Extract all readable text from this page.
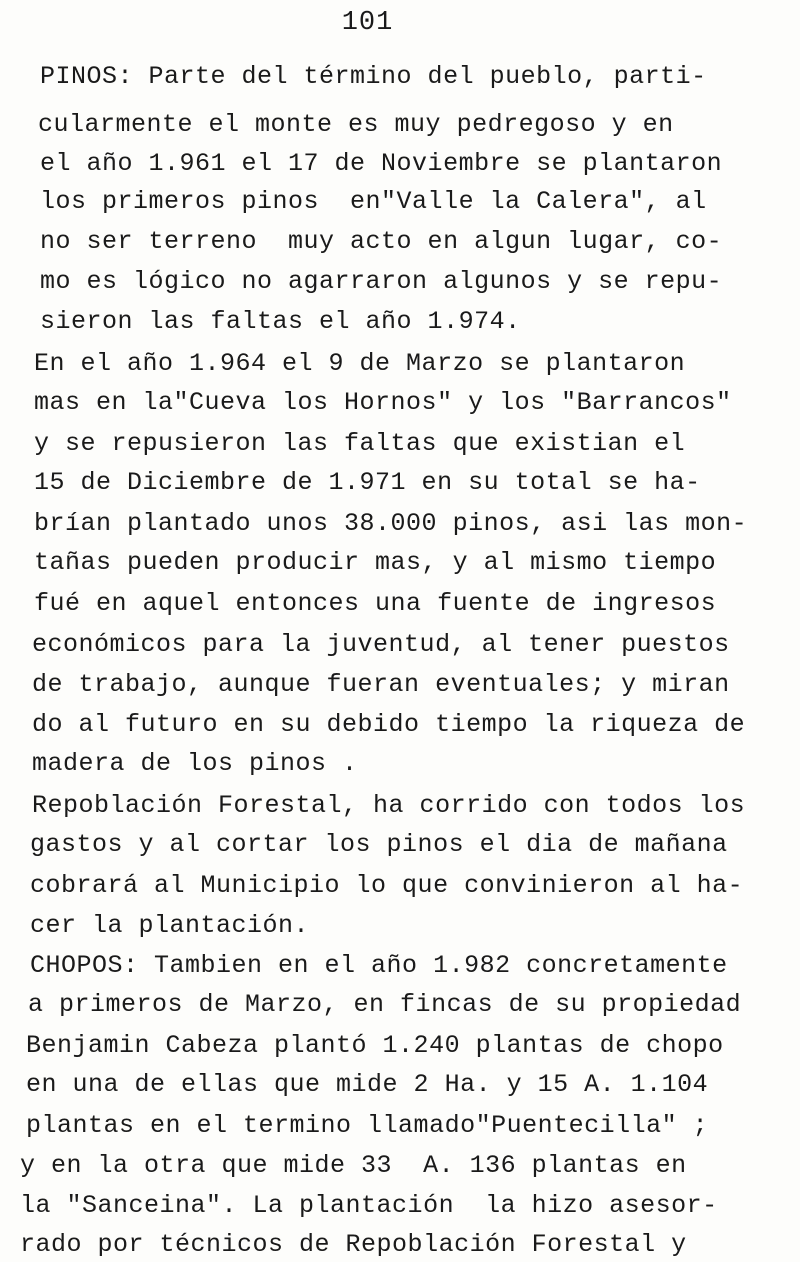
101

PINOS: Parte del término del pueblo, parti-

cularmente el monte es muy pedregoso y en

el año 1.961 el 17 de Noviembre se plantaron

los primeros pinos  en"Valle la Calera", al

no ser terreno  muy acto en algun lugar, co-

mo es lógico no agarraron algunos y se repu-

sieron las faltas el año 1.974.

En el año 1.964 el 9 de Marzo se plantaron

mas en la"Cueva los Hornos" y los "Barrancos"

y se repusieron las faltas que existian el

15 de Diciembre de 1.971 en su total se ha-

brían plantado unos 38.000 pinos, asi las mon-

tañas pueden producir mas, y al mismo tiempo

fué en aquel entonces una fuente de ingresos

económicos para la juventud, al tener puestos

de trabajo, aunque fueran eventuales; y miran

do al futuro en su debido tiempo la riqueza de

madera de los pinos .

Repoblación Forestal, ha corrido con todos los

gastos y al cortar los pinos el dia de mañana

cobrará al Municipio lo que convinieron al ha-

cer la plantación.

CHOPOS: Tambien en el año 1.982 concretamente

a primeros de Marzo, en fincas de su propiedad

Benjamin Cabeza plantó 1.240 plantas de chopo

en una de ellas que mide 2 Ha. y 15 A. 1.104

plantas en el termino llamado"Puentecilla" ;

y en la otra que mide 33  A. 136 plantas en

la "Sanceina". La plantación  la hizo asesor-

rado por técnicos de Repoblación Forestal y
